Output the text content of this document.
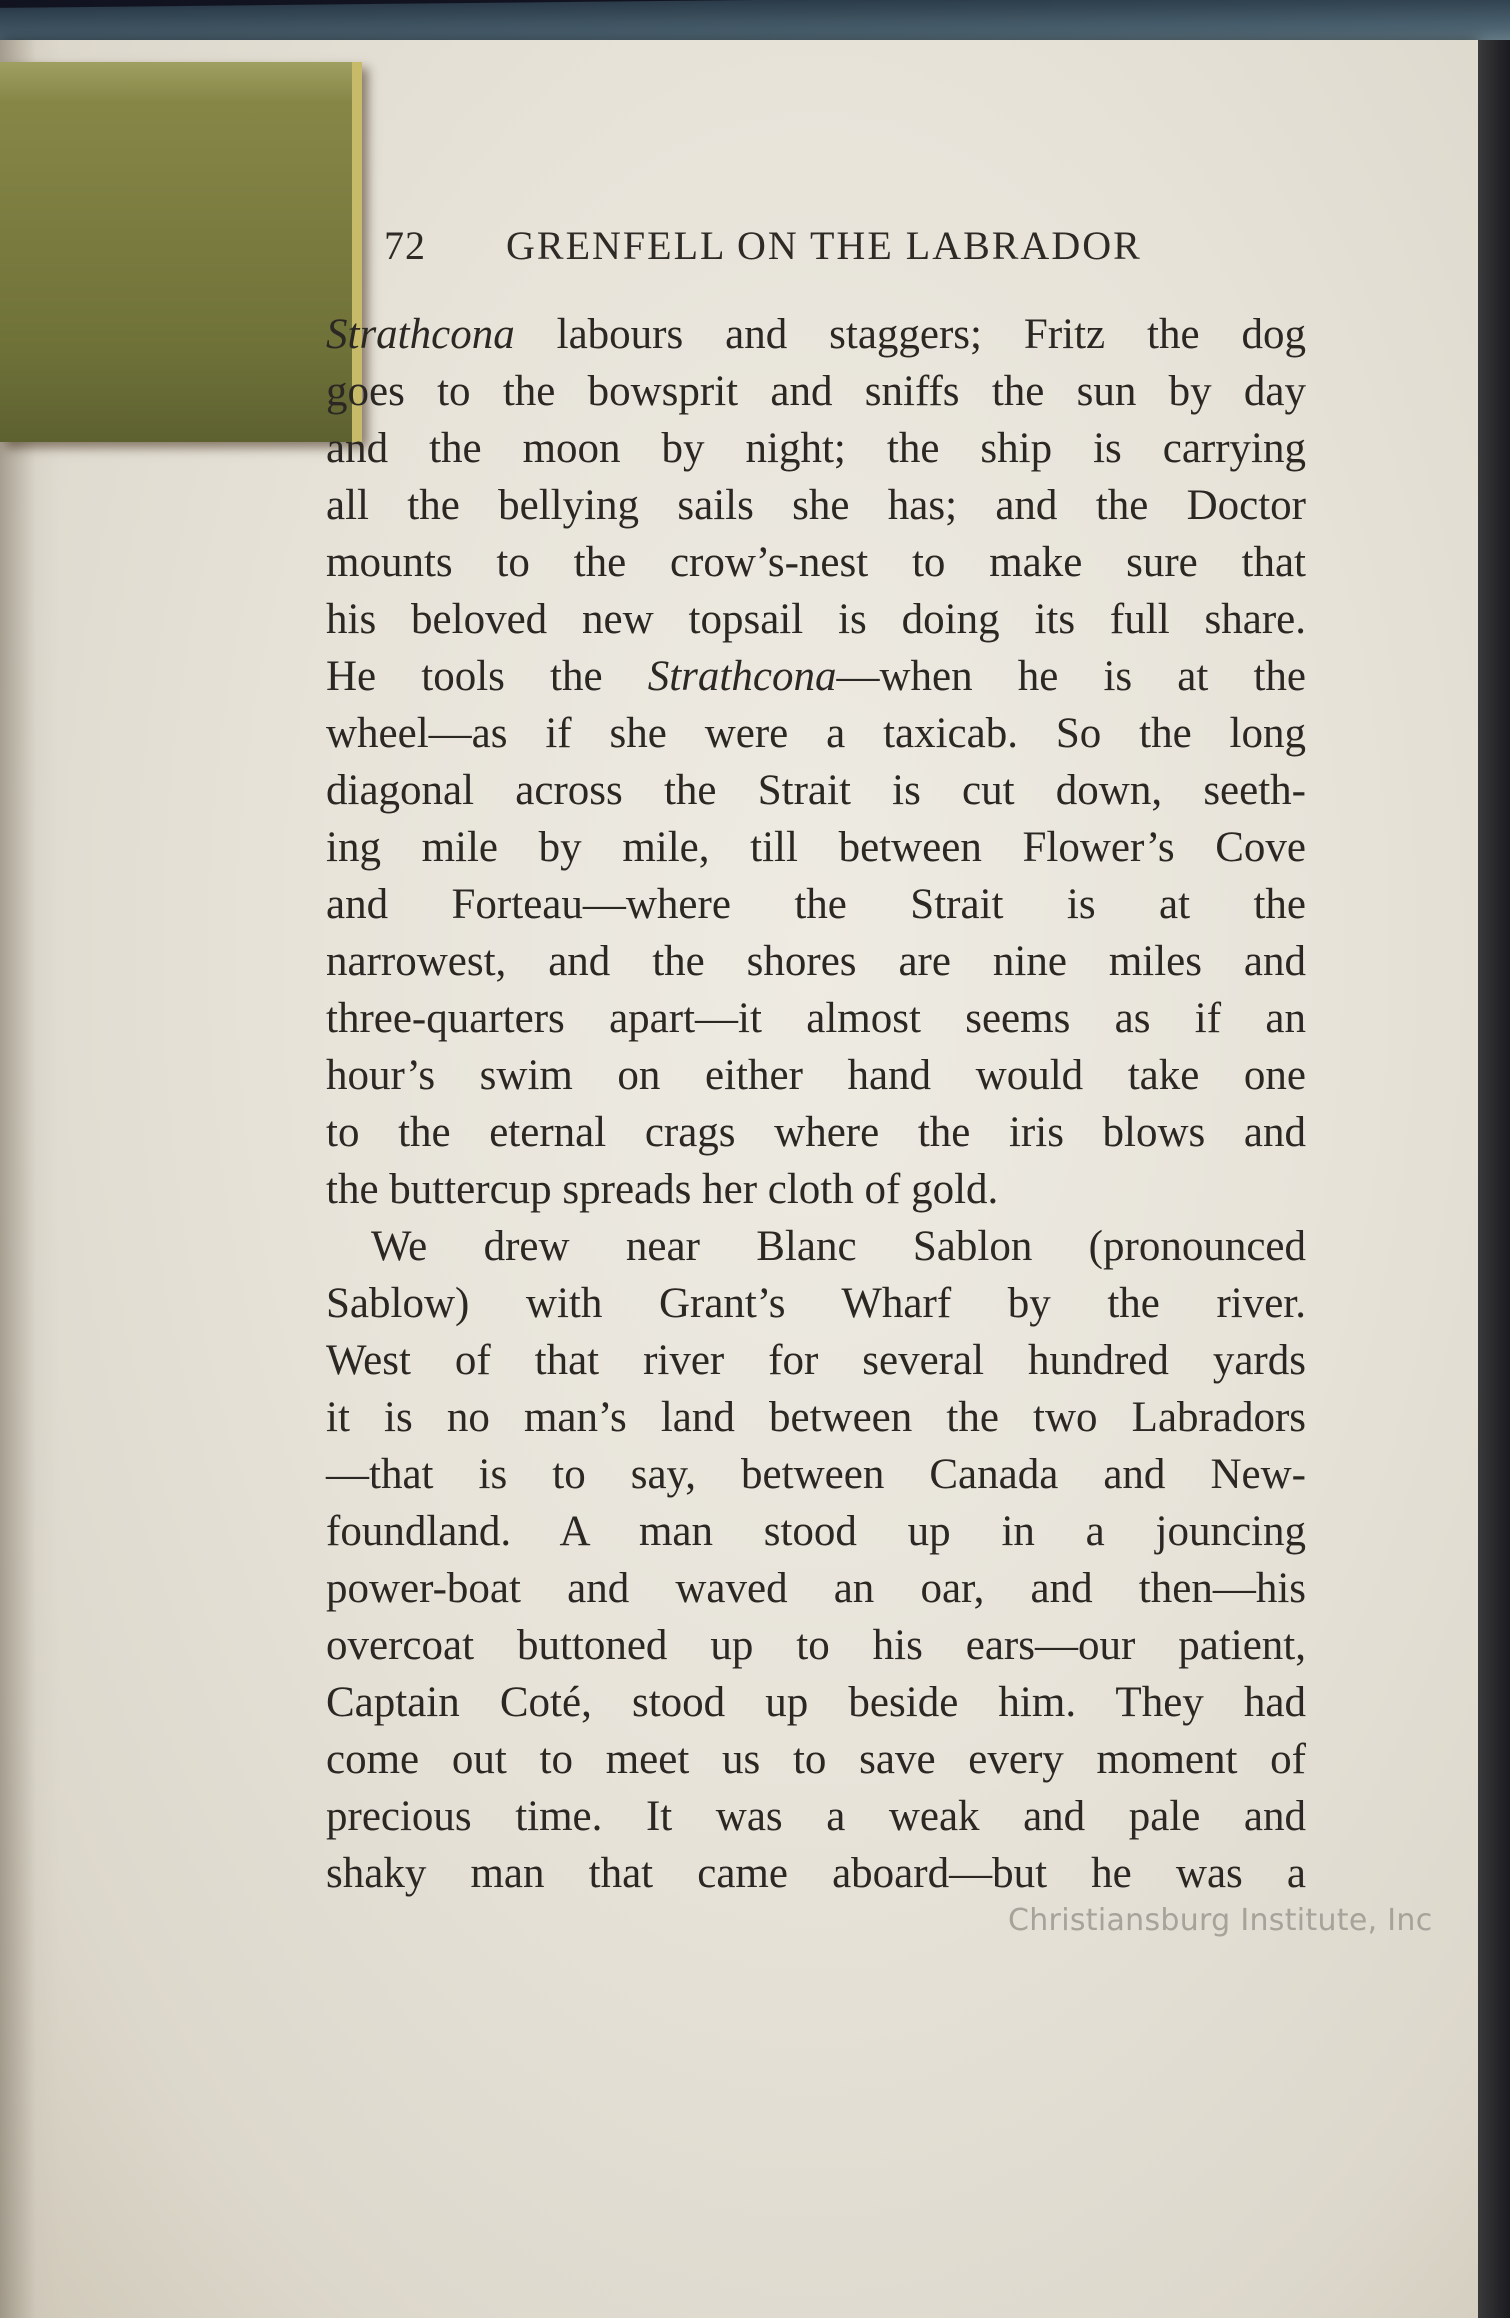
72 GRENFELL ON THE LABRADOR
Strathcona labours and staggers; Fritz the dog
goes to the bowsprit and sniffs the sun by day
and the moon by night; the ship is carrying
all the bellying sails she has; and the Doctor
mounts to the crow’s-nest to make sure that
his beloved new topsail is doing its full share.
He tools the Strathcona—when he is at the
wheel—as if she were a taxicab. So the long
diagonal across the Strait is cut down, seeth-
ing mile by mile, till between Flower’s Cove
and Forteau—where the Strait is at the
narrowest, and the shores are nine miles and
three-quarters apart—it almost seems as if an
hour’s swim on either hand would take one
to the eternal crags where the iris blows and
the buttercup spreads her cloth of gold.
We drew near Blanc Sablon (pronounced
Sablow) with Grant’s Wharf by the river.
West of that river for several hundred yards
it is no man’s land between the two Labradors
—that is to say, between Canada and New-
foundland. A man stood up in a jouncing
power-boat and waved an oar, and then—his
overcoat buttoned up to his ears—our patient,
Captain Coté, stood up beside him. They had
come out to meet us to save every moment of
precious time. It was a weak and pale and
shaky man that came aboard—but he was a
Christiansburg Institute, Inc
